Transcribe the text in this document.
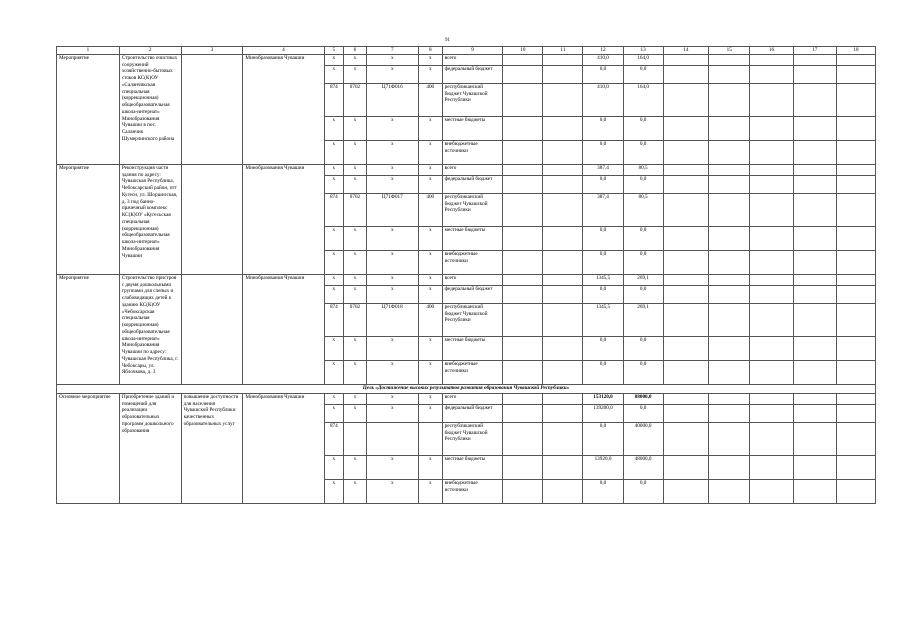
91
1	2	3	4	5	6	7	8	9	10	11	12	13	14	15	16	17	18
Мероприятие	Строительство очистных сооружений хозяйственно-бытовых стоков КС(К)ОУ «Саланчикская специальная (коррекционная) общеобразовательная школа-интернат» Минобразования Чувашии в пос. Саланчик Шумерлинского района		Минобразования Чувашии	x	x	x	x	всего			410,0	164,0					
				x	x	x	x	федеральный бюджет			0,0	0,0					
				874	0702	Ц71Ф016	400	республиканский бюджет Чувашской Республики			410,0	164,0					
				x	x	x	x	местные бюджеты			0,0	0,0					
				x	x	x	x	внебюджетные источники			0,0	0,0					
Мероприятие	Реконструкция части здания по адресу: Чувашская Республика, Чебоксарский район, пгт Кугеси, ул. Шоршелская, д. 3 под банно-прачечный комплекс КС(К)ОУ «Кугесьская специальная (коррекционная) общеобразовательная школа-интернат» Минобразования Чувашии		Минобразования Чувашии	x	x	x	x	всего			387,4	80,5					
				x	x	x	x	федеральный бюджет			0,0	0,0					
				874	0702	Ц71Ф017	400	республиканский бюджет Чувашской Республики			387,4	80,5					
				x	x	x	x	местные бюджеты			0,0	0,0					
				x	x	x	x	внебюджетные источники			0,0	0,0					
Мероприятие	Строительство пристроя с двумя дошкольными группами для слепых и слабовидящих детей к зданию КС(К)ОУ «Чебоксарская специальная (коррекционная) общеобразовательная школа-интернат» Минобразования Чувашии по адресу: Чувашская Республика, г. Чебоксары, ул. Яблочкова, д. 3		Минобразования Чувашии	x	x	x	x	всего			1345,5	269,1					
				x	x	x	x	федеральный бюджет			0,0	0,0					
				874	0702	Ц71Ф018	400	республиканский бюджет Чувашской Республики			1345,5	269,1					
				x	x	x	x	местные бюджеты			0,0	0,0					
				x	x	x	x	внебюджетные источники			0,0	0,0					
Цель «Достижение высоких результатов развития образования Чувашской Республики»																	
Основное мероприятие	Приобретение зданий и помещений для реализации образовательных программ дошкольного образования	повышение доступности для населения Чувашской Республики качественных образовательных услуг	Минобразования Чувашии	x	x	x	x	всего			153120,0	88000,0					
				x	x	x	x	федеральный бюджет			139200,0	0,0					
				874				республиканский бюджет Чувашской Республики			0,0	40000,0					
				x	x	x	x	местные бюджеты			13920,0	48000,0					
				x	x	x	x	внебюджетные источники			0,0	0,0					
